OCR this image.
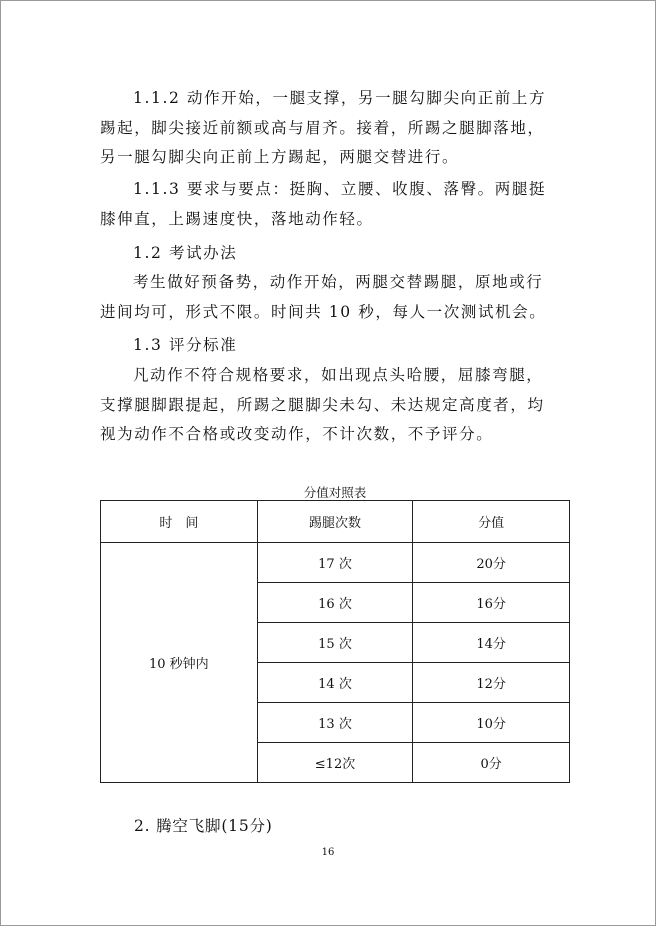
1.1.2 动作开始，一腿支撑，另一腿勾脚尖向正前上方
踢起，脚尖接近前额或高与眉齐。接着，所踢之腿脚落地，
另一腿勾脚尖向正前上方踢起，两腿交替进行。
1.1.3 要求与要点：挺胸、立腰、收腹、落臀。两腿挺
膝伸直，上踢速度快，落地动作轻。
1.2 考试办法
考生做好预备势，动作开始，两腿交替踢腿，原地或行
进间均可，形式不限。时间共 10 秒，每人一次测试机会。
1.3 评分标准
凡动作不符合规格要求，如出现点头哈腰，屈膝弯腿，
支撑腿脚跟提起，所踢之腿脚尖未勾、未达规定高度者，均
视为动作不合格或改变动作，不计次数，不予评分。
分值对照表
时　间	踢腿次数	分值
10 秒钟内	17 次	20分
	16 次	16分
	15 次	14分
	14 次	12分
	13 次	10分
	≤12次	0分
2. 腾空飞脚(15分)
16
